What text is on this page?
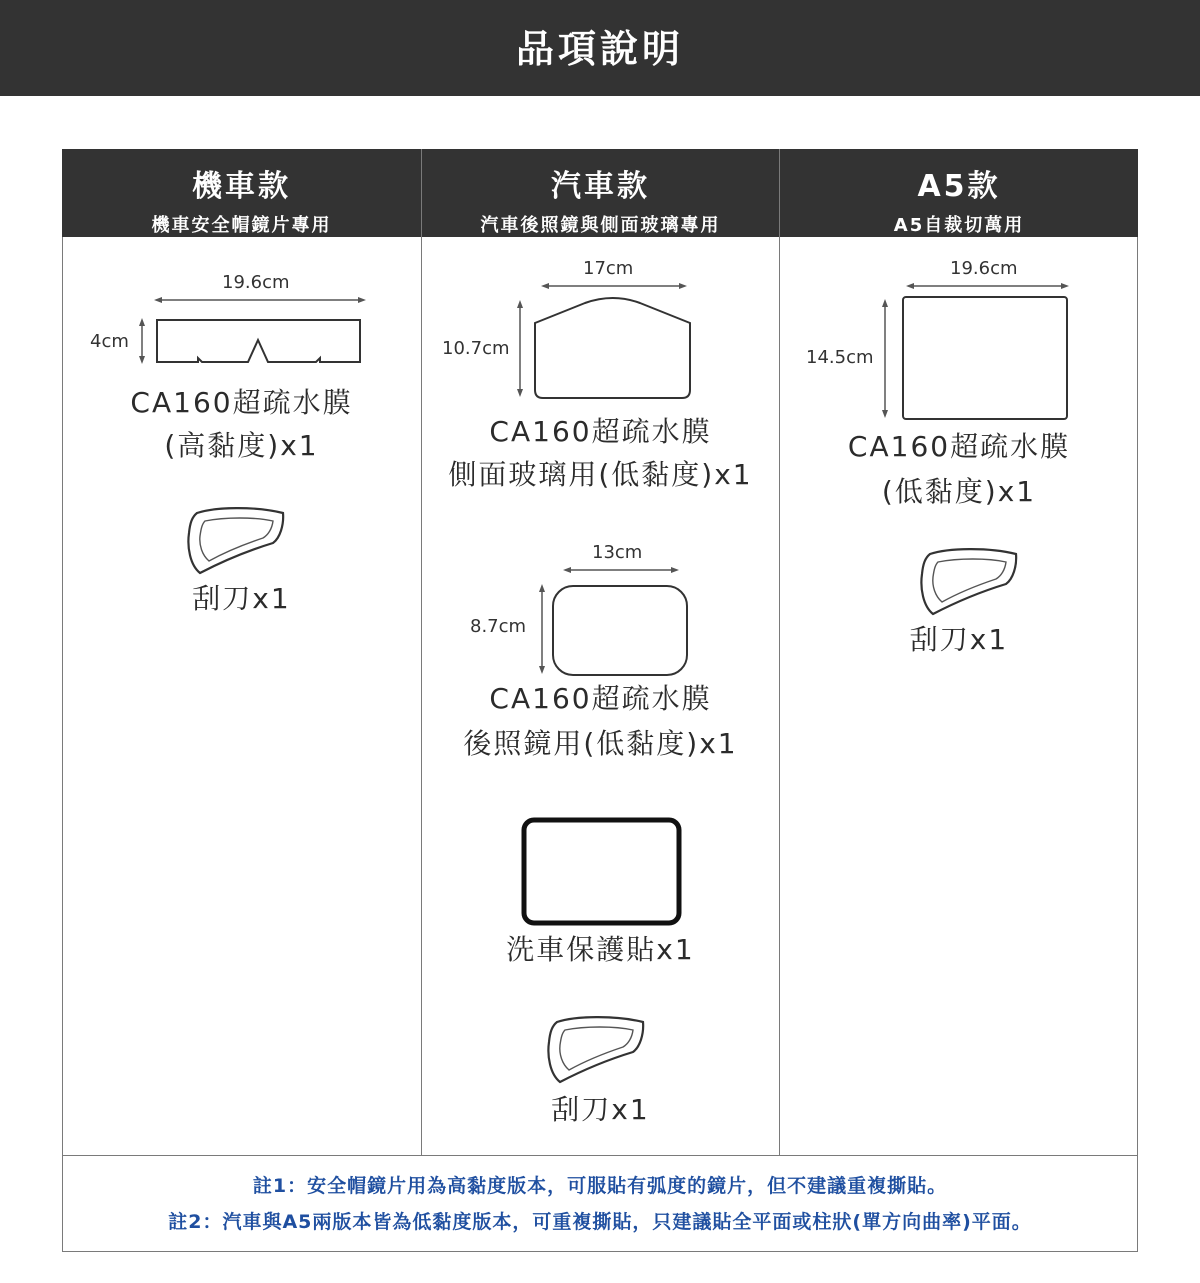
品項說明
機車款
機車安全帽鏡片專用
汽車款
汽車後照鏡與側面玻璃專用
A5款
A5自裁切萬用
19.6cm
4cm
CA160超疏水膜
(高黏度)x1
刮刀x1
17cm
10.7cm
CA160超疏水膜
側面玻璃用(低黏度)x1
13cm
8.7cm
CA160超疏水膜
後照鏡用(低黏度)x1
洗車保護貼x1
刮刀x1
19.6cm
14.5cm
CA160超疏水膜
(低黏度)x1
刮刀x1
註1：安全帽鏡片用為高黏度版本，可服貼有弧度的鏡片，但不建議重複撕貼。
註2：汽車與A5兩版本皆為低黏度版本，可重複撕貼，只建議貼全平面或柱狀(單方向曲率)平面。
